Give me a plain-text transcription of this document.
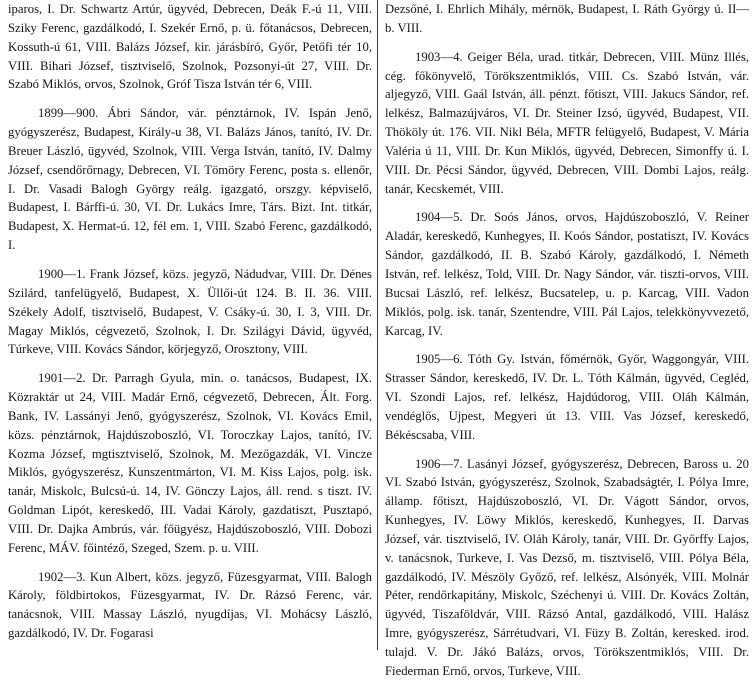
iparos, I. Dr. Schwartz Artúr, ügyvéd, Debrecen, Deák F.-ú 11, VIII. Sziky Ferenc, gazdálkodó, I. Szekér Ernő, p. ü. főtanácsos, Debrecen, Kossuth-ú 61, VIII. Balázs József, kir. járásbíró, Győr, Petőfi tér 10, VIII. Bihari József, tisztviselő, Szolnok, Pozsonyi-út 27, VIII. Dr. Szabó Miklós, orvos, Szolnok, Gróf Tisza István tér 6, VIII.

1899—900. Ábri Sándor, vár. pénztárnok, IV. Ispán Jenő, gyógyszerész, Budapest, Király-u 38, VI. Balázs János, tanító, IV. Dr. Breuer László, ügyvéd, Szolnok, VIII. Verga István, tanító, IV. Dalmy József, csendőrőrnagy, Debrecen, VI. Tömöry Ferenc, posta s. ellenőr, I. Dr. Vasadi Balogh György reálg. igazgató, orszgy. képviselő, Budapest, I. Bárffi-ú. 30, VI. Dr. Lukács Imre, Társ. Bizt. Int. titkár, Budapest, X. Hermat-ú. 12, fél em. 1, VIII. Szabó Ferenc, gazdálkodó, I.

1900—1. Frank József, közs. jegyző, Nádudvar, VIII. Dr. Dénes Szilárd, tanfelügyelő, Budapest, X. Üllői-út 124. B. II. 36. VIII. Székely Adolf, tisztviselő, Budapest, V. Csáky-ú. 30, I. 3, VIII. Dr. Magay Miklós, cégvezető, Szolnok, I. Dr. Szilágyi Dávid, ügyvéd, Túrkeve, VIII. Kovács Sándor, körjegyző, Orosztony, VIII.

1901—2. Dr. Parragh Gyula, min. o. tanácsos, Budapest, IX. Közraktár ut 24, VIII. Madár Ernő, cégvezető, Debrecen, Ált. Forg. Bank, IV. Lassányi Jenő, gyógyszerész, Szolnok, VI. Kovács Emil, közs. pénztárnok, Hajdúszoboszló, VI. Toroczkay Lajos, tanító, IV. Kozma József, mgtisztviselő, Szolnok, M. Mezőgazdák, VI. Vincze Miklós, gyógyszerész, Kunszentmárton, VI. M. Kiss Lajos, polg. isk. tanár, Miskolc, Bulcsú-ú. 14, IV. Gönczy Lajos, áll. rend. s tiszt. IV. Goldman Lipót, kereskedő, III. Vadai Károly, gazdatiszt, Pusztapó, VIII. Dr. Dajka Ambrús, vár. főügyész, Hajdúszoboszló, VIII. Dobozi Ferenc, MÁV. főintéző, Szeged, Szem. p. u. VIII.

1902—3. Kun Albert, közs. jegyző, Füzesgyarmat, VIII. Balogh Károly, földbirtokos, Füzesgyarmat, IV. Dr. Rázsó Ferenc, vár. tanácsnok, VIII. Massay László, nyugdíjas, VI. Mohácsy László, gazdálkodó, IV. Dr. Fogarasi

Dezsőné, I. Ehrlich Mihály, mérnök, Budapest, I. Ráth György ú. II—b. VIII.

1903—4. Geiger Béla, urad. titkár, Debrecen, VIII. Münz Illés, cég. főkönyvelő, Törökszentmiklós, VIII. Cs. Szabó István, vár. aljegyző, VIII. Gaál István, áll. pénzt. főtiszt, VIII. Jakucs Sándor, ref. lelkész, Balmazújváros, VI. Dr. Steiner Izsó, ügyvéd, Budapest, VII. Thököly út. 176. VII. Nikl Béla, MFTR felügyelő, Budapest, V. Mária Valéria ú 11, VIII. Dr. Kun Miklós, ügyvéd, Debrecen, Simonffy ú. I. VIII. Dr. Pécsi Sándor, ügyvéd, Debrecen, VIII. Dombi Lajos, reálg. tanár, Kecskemét, VIII.

1904—5. Dr. Soós János, orvos, Hajdúszoboszló, V. Reiner Aladár, kereskedő, Kunhegyes, II. Koós Sándor, postatiszt, IV. Kovács Sándor, gazdálkodó, II. B. Szabó Károly, gazdálkodó, I. Németh István, ref. lelkész, Told, VIII. Dr. Nagy Sándor, vár. tiszti-orvos, VIII. Bucsai László, ref. lelkész, Bucsatelep, u. p. Karcag, VIII. Vadon Miklós, polg. isk. tanár, Szentendre, VIII. Pál Lajos, telekkönyvvezető, Karcag, IV.

1905—6. Tóth Gy. István, főmérnök, Győr, Waggongyár, VIII. Strasser Sándor, kereskedő, IV. Dr. L. Tóth Kálmán, ügyvéd, Cegléd, VI. Szondi Lajos, ref. lelkész, Hajdúdorog, VIII. Oláh Kálmán, vendéglős, Ujpest, Megyeri út 13. VIII. Vas József, kereskedő, Békéscsaba, VIII.

1906—7. Lasányi József, gyógyszerész, Debrecen, Baross u. 20 VI. Szabó István, gyógyszerész, Szolnok, Szabadságtér, I. Pólya Imre, államp. főtiszt, Hajdúszoboszló, VI. Dr. Vágott Sándor, orvos, Kunhegyes, IV. Löwy Miklós, kereskedő, Kunhegyes, II. Darvas József, vár. tisztviselő, IV. Oláh Károly, tanár, VIII. Dr. Győrffy Lajos, v. tanácsnok, Turkeve, I. Vas Dezső, m. tisztviselő, VIII. Pólya Béla, gazdálkodó, IV. Mészöly Győző, ref. lelkész, Alsónyék, VIII. Molnár Péter, rendőrkapitány, Miskolc, Széchenyi ú. VIII. Dr. Kovács Zoltán, ügyvéd, Tiszaföldvár, VIII. Rázsó Antal, gazdálkodó, VIII. Halász Imre, gyógyszerész, Sárrétudvari, VI. Füzy B. Zoltán, keresked. irod. tulajd. V. Dr. Jákó Balázs, orvos, Törökszentmiklós, VIII. Dr. Fiederman Ernő, orvos, Turkeve, VIII.
